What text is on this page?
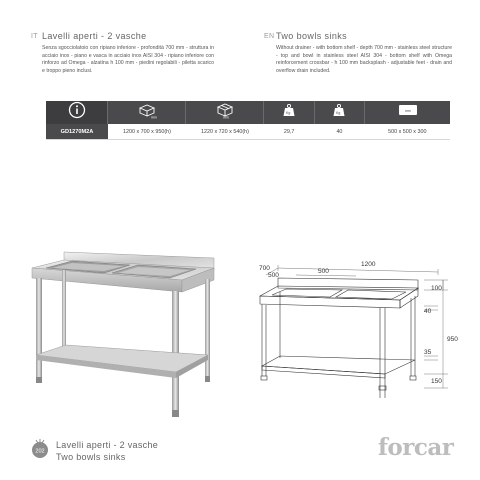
IT Lavelli aperti - 2 vasche
Senza sgocciolatoio con ripiano inferiore - profondità 700 mm - struttura in acciaio inox - piano e vasca in acciaio inox AISI 304 - ripiano inferiore con rinforzo ad Omega - alzatina h 100 mm - piedini regolabili - piletta scarico e troppo pieno inclusi.
EN Two bowls sinks
Without drainer - with bottom shelf - depth 700 mm - stainless steel structure - top and bowl in stainless steel AISI 304 - bottom shelf with Omega reinforcement crossbar - h 100 mm backsplash - adjustable feet - drain and overflow drain included.

mm	mm	Kg	Kg	mm

GD1270M2A	1200 x 700 x 950(h)	1220 x 720 x 540(h)	29,7	40	500 x 500 x 300
1200
700
500
500
100
40
950
35
150
202
Lavelli aperti - 2 vasche
Two bowls sinks	forcar
